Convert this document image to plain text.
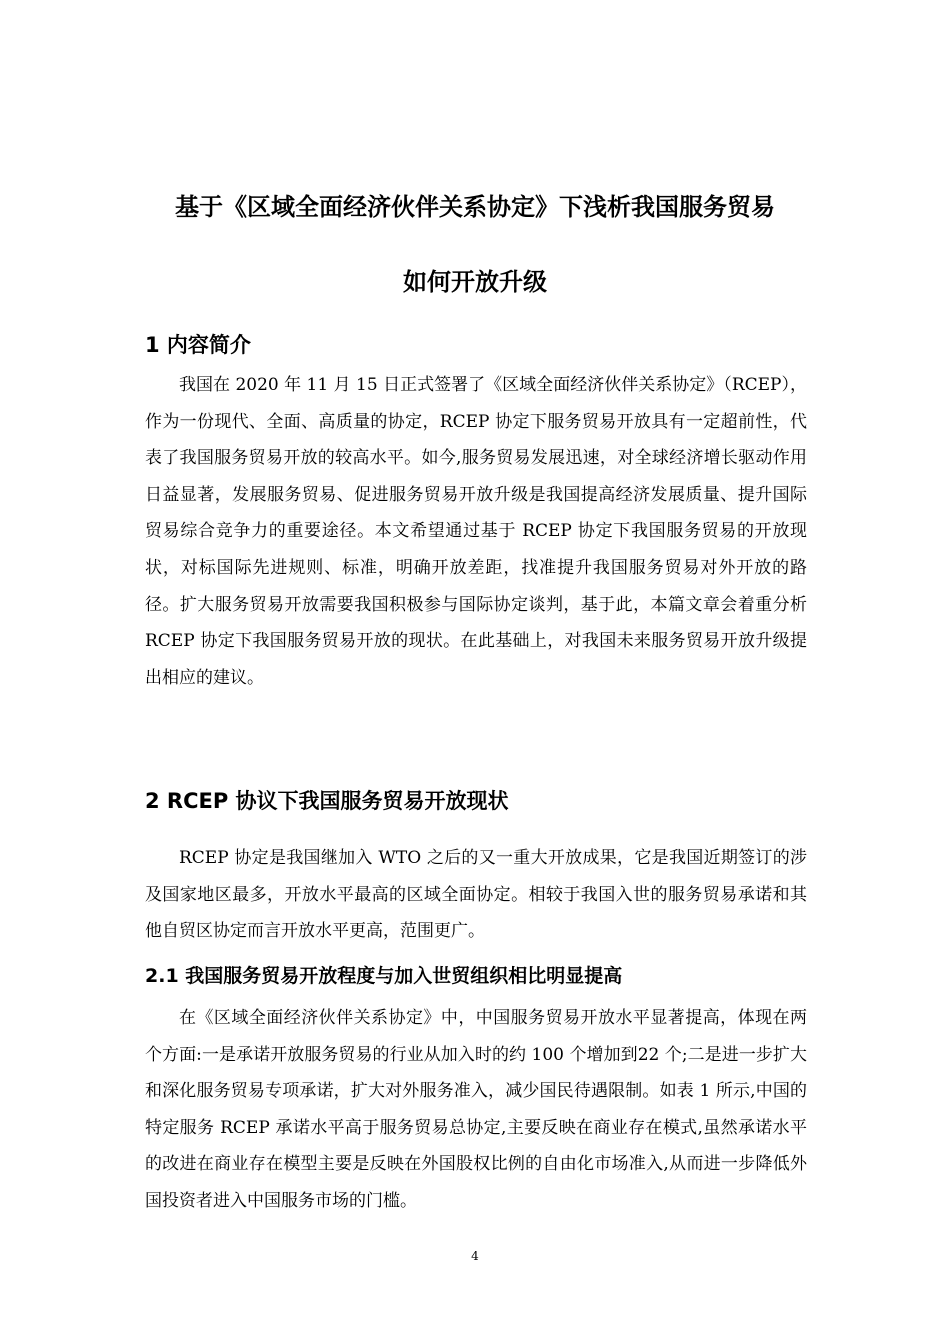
基于《区域全面经济伙伴关系协定》下浅析我国服务贸易
如何开放升级
1 内容简介

我国在 2020 年 11 月 15 日正式签署了《区域全面经济伙伴关系协定》（RCEP），作为一份现代、全面、高质量的协定，RCEP 协定下服务贸易开放具有一定超前性，代表了我国服务贸易开放的较高水平。如今,服务贸易发展迅速，对全球经济增长驱动作用日益显著，发展服务贸易、促进服务贸易开放升级是我国提高经济发展质量、提升国际贸易综合竞争力的重要途径。本文希望通过基于 RCEP 协定下我国服务贸易的开放现状，对标国际先进规则、标准，明确开放差距，找准提升我国服务贸易对外开放的路径。扩大服务贸易开放需要我国积极参与国际协定谈判，基于此，本篇文章会着重分析 RCEP 协定下我国服务贸易开放的现状。在此基础上，对我国未来服务贸易开放升级提出相应的建议。

2 RCEP 协议下我国服务贸易开放现状

RCEP 协定是我国继加入 WTO 之后的又一重大开放成果，它是我国近期签订的涉及国家地区最多，开放水平最高的区域全面协定。相较于我国入世的服务贸易承诺和其他自贸区协定而言开放水平更高，范围更广。

2.1 我国服务贸易开放程度与加入世贸组织相比明显提高

在《区域全面经济伙伴关系协定》中，中国服务贸易开放水平显著提高，体现在两个方面:一是承诺开放服务贸易的行业从加入时的约 100 个增加到22 个;二是进一步扩大和深化服务贸易专项承诺，扩大对外服务准入，减少国民待遇限制。如表 1 所示,中国的特定服务 RCEP 承诺水平高于服务贸易总协定,主要反映在商业存在模式,虽然承诺水平的改进在商业存在模型主要是反映在外国股权比例的自由化市场准入,从而进一步降低外国投资者进入中国服务市场的门槛。

4
